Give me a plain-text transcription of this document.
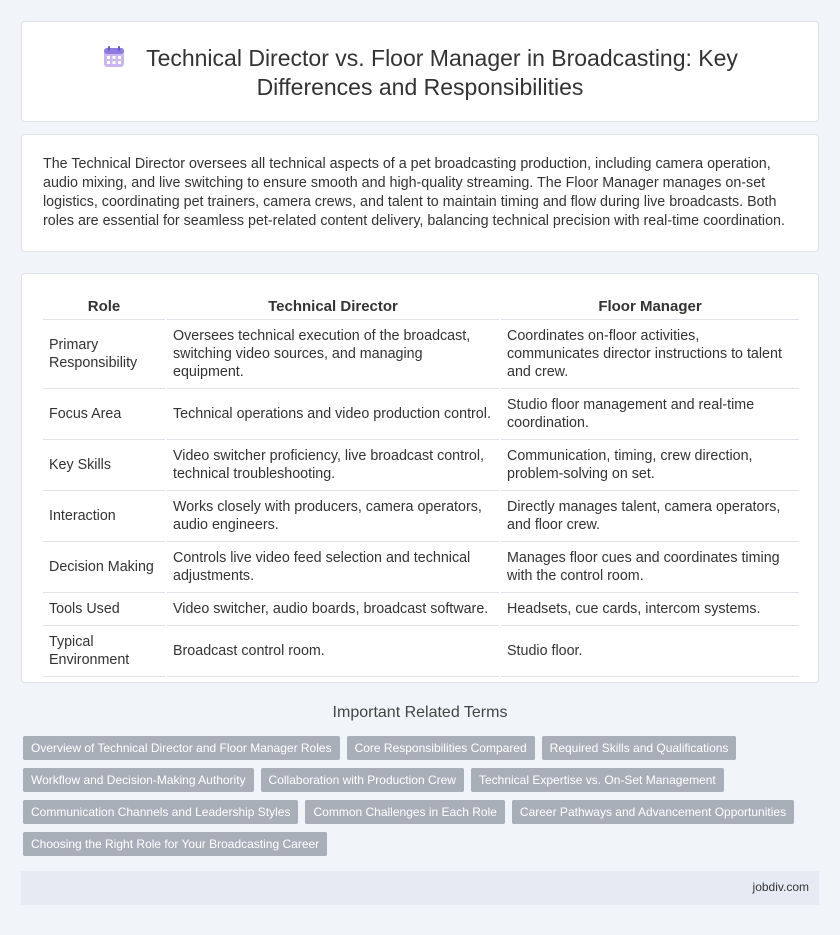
Technical Director vs. Floor Manager in Broadcasting: Key
Differences and Responsibilities

The Technical Director oversees all technical aspects of a pet broadcasting production, including camera operation, audio mixing, and live switching to ensure smooth and high-quality streaming. The Floor Manager manages on-set logistics, coordinating pet trainers, camera crews, and talent to maintain timing and flow during live broadcasts. Both roles are essential for seamless pet-related content delivery, balancing technical precision with real-time coordination.

Role	Technical Director	Floor Manager
Primary Responsibility	Oversees technical execution of the broadcast, switching video sources, and managing equipment.	Coordinates on-floor activities, communicates director instructions to talent and crew.
Focus Area	Technical operations and video production control.	Studio floor management and real-time coordination.
Key Skills	Video switcher proficiency, live broadcast control, technical troubleshooting.	Communication, timing, crew direction, problem-solving on set.
Interaction	Works closely with producers, camera operators, audio engineers.	Directly manages talent, camera operators, and floor crew.
Decision Making	Controls live video feed selection and technical adjustments.	Manages floor cues and coordinates timing with the control room.
Tools Used	Video switcher, audio boards, broadcast software.	Headsets, cue cards, intercom systems.
Typical Environment	Broadcast control room.	Studio floor.
Important Related Terms
Overview of Technical Director and Floor Manager Roles	Core Responsibilities Compared	Required Skills and Qualifications
Workflow and Decision-Making Authority	Collaboration with Production Crew	Technical Expertise vs. On-Set Management
Communication Channels and Leadership Styles	Common Challenges in Each Role	Career Pathways and Advancement Opportunities
Choosing the Right Role for Your Broadcasting Career
jobdiv.com
